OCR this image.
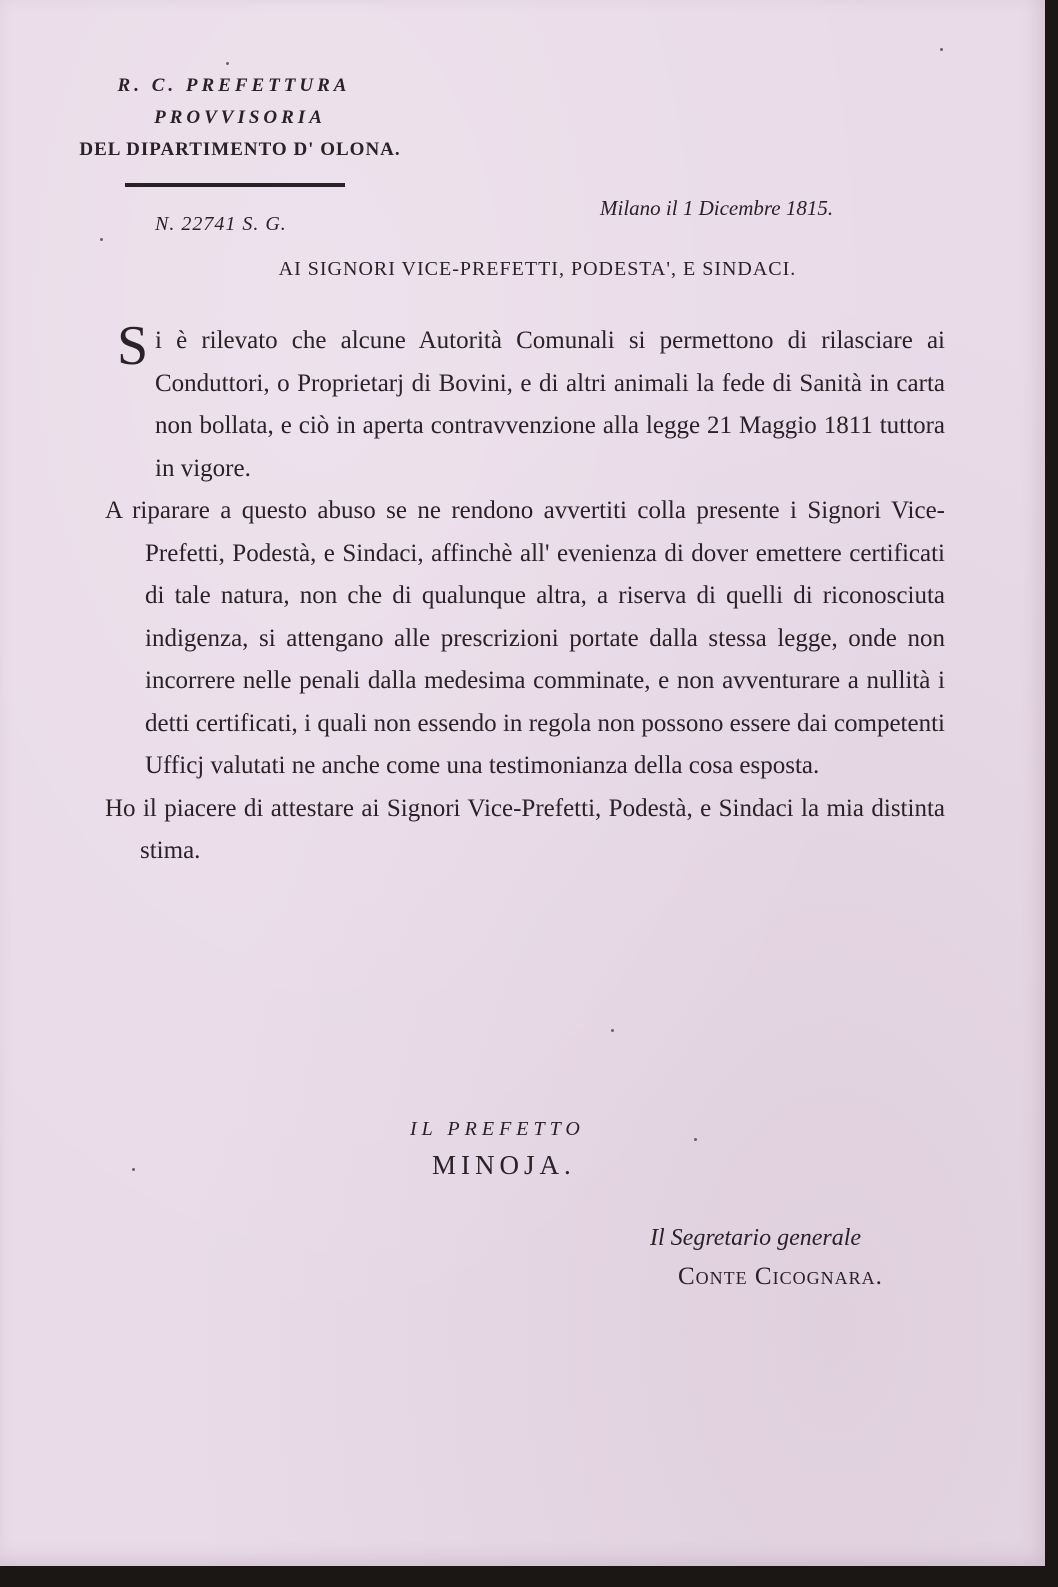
R. C. PREFETTURA
PROVVISORIA
DEL DIPARTIMENTO D' OLONA.
Milano il 1 Dicembre 1815.
N. 22741 S. G.
AI SIGNORI VICE-PREFETTI, PODESTA', E SINDACI.

Si è rilevato che alcune Autorità Comunali si permettono di rilasciare ai Conduttori, o Proprietarj di Bovini, e di altri animali la fede di Sanità in carta non bollata, e ciò in aperta contravvenzione alla legge 21 Maggio 1811 tuttora in vigore.

A riparare a questo abuso se ne rendono avvertiti colla presente i Signori Vice-Prefetti, Podestà, e Sindaci, affinchè all' evenienza di dover emettere certificati di tale natura, non che di qualunque altra, a riserva di quelli di riconosciuta indigenza, si attengano alle prescrizioni portate dalla stessa legge, onde non incorrere nelle penali dalla medesima comminate, e non avventurare a nullità i detti certificati, i quali non essendo in regola non possono essere dai competenti Ufficj valutati ne anche come una testimonianza della cosa esposta.

Ho il piacere di attestare ai Signori Vice-Prefetti, Podestà, e Sindaci la mia distinta stima.

IL PREFETTO
MINOJA.
Il Segretario generale
Conte Cicognara.
